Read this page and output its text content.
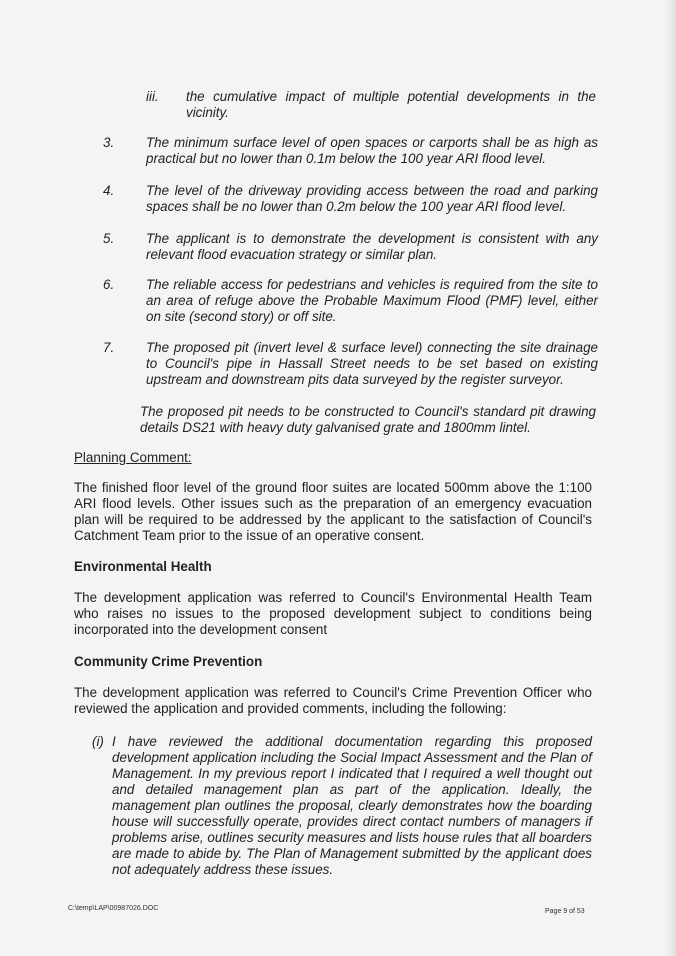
iii. the cumulative impact of multiple potential developments in the vicinity.
3. The minimum surface level of open spaces or carports shall be as high as practical but no lower than 0.1m below the 100 year ARI flood level.
4. The level of the driveway providing access between the road and parking spaces shall be no lower than 0.2m below the 100 year ARI flood level.
5. The applicant is to demonstrate the development is consistent with any relevant flood evacuation strategy or similar plan.
6. The reliable access for pedestrians and vehicles is required from the site to an area of refuge above the Probable Maximum Flood (PMF) level, either on site (second story) or off site.
7. The proposed pit (invert level & surface level) connecting the site drainage to Council's pipe in Hassall Street needs to be set based on existing upstream and downstream pits data surveyed by the register surveyor.
The proposed pit needs to be constructed to Council's standard pit drawing details DS21 with heavy duty galvanised grate and 1800mm lintel.
Planning Comment:
The finished floor level of the ground floor suites are located 500mm above the 1:100 ARI flood levels. Other issues such as the preparation of an emergency evacuation plan will be required to be addressed by the applicant to the satisfaction of Council's Catchment Team prior to the issue of an operative consent.
Environmental Health
The development application was referred to Council's Environmental Health Team who raises no issues to the proposed development subject to conditions being incorporated into the development consent
Community Crime Prevention
The development application was referred to Council's Crime Prevention Officer who reviewed the application and provided comments, including the following:
(i) I have reviewed the additional documentation regarding this proposed development application including the Social Impact Assessment and the Plan of Management. In my previous report I indicated that I required a well thought out and detailed management plan as part of the application. Ideally, the management plan outlines the proposal, clearly demonstrates how the boarding house will successfully operate, provides direct contact numbers of managers if problems arise, outlines security measures and lists house rules that all boarders are made to abide by. The Plan of Management submitted by the applicant does not adequately address these issues.
C:\temp\LAP\00987026.DOC	Page 9 of 53
